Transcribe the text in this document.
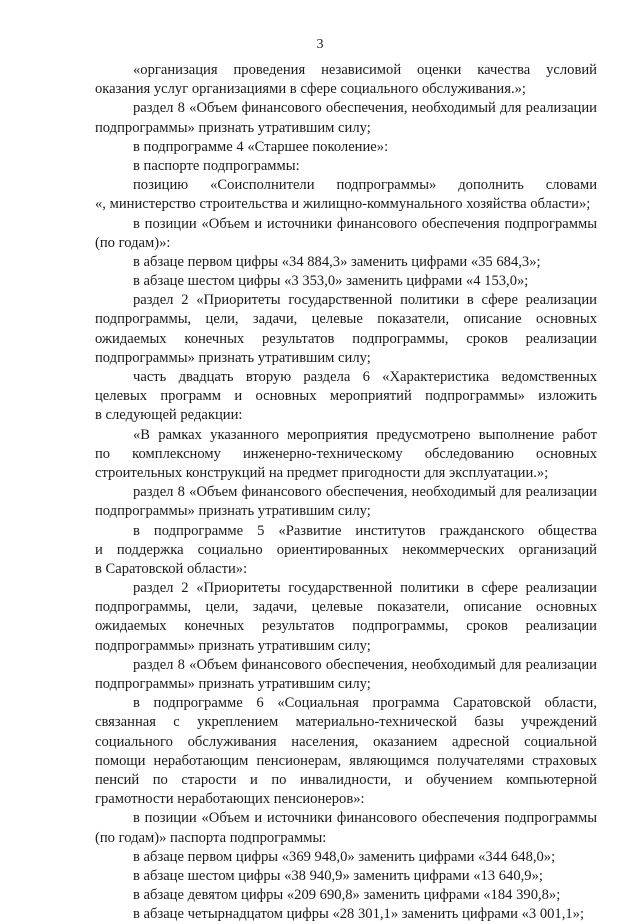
3
«организация проведения независимой оценки качества условий
оказания услуг организациями в сфере социального обслуживания.»;
раздел 8 «Объем финансового обеспечения, необходимый для реализации
подпрограммы» признать утратившим силу;
в подпрограмме 4 «Старшее поколение»:
в паспорте подпрограммы:
позицию «Соисполнители подпрограммы» дополнить словами
«, министерство строительства и жилищно-коммунального хозяйства области»;
в позиции «Объем и источники финансового обеспечения подпрограммы
(по годам)»:
в абзаце первом цифры «34 884,3» заменить цифрами «35 684,3»;
в абзаце шестом цифры «3 353,0» заменить цифрами «4 153,0»;
раздел 2 «Приоритеты государственной политики в сфере реализации
подпрограммы, цели, задачи, целевые показатели, описание основных
ожидаемых конечных результатов подпрограммы, сроков реализации
подпрограммы» признать утратившим силу;
часть двадцать вторую раздела 6 «Характеристика ведомственных
целевых программ и основных мероприятий подпрограммы» изложить
в следующей редакции:
«В рамках указанного мероприятия предусмотрено выполнение работ
по комплексному инженерно-техническому обследованию основных
строительных конструкций на предмет пригодности для эксплуатации.»;
раздел 8 «Объем финансового обеспечения, необходимый для реализации
подпрограммы» признать утратившим силу;
в подпрограмме 5 «Развитие институтов гражданского общества
и поддержка социально ориентированных некоммерческих организаций
в Саратовской области»:
раздел 2 «Приоритеты государственной политики в сфере реализации
подпрограммы, цели, задачи, целевые показатели, описание основных
ожидаемых конечных результатов подпрограммы, сроков реализации
подпрограммы» признать утратившим силу;
раздел 8 «Объем финансового обеспечения, необходимый для реализации
подпрограммы» признать утратившим силу;
в подпрограмме 6 «Социальная программа Саратовской области,
связанная с укреплением материально-технической базы учреждений
социального обслуживания населения, оказанием адресной социальной
помощи неработающим пенсионерам, являющимся получателями страховых
пенсий по старости и по инвалидности, и обучением компьютерной
грамотности неработающих пенсионеров»:
в позиции «Объем и источники финансового обеспечения подпрограммы
(по годам)» паспорта подпрограммы:
в абзаце первом цифры «369 948,0» заменить цифрами «344 648,0»;
в абзаце шестом цифры «38 940,9» заменить цифрами «13 640,9»;
в абзаце девятом цифры «209 690,8» заменить цифрами «184 390,8»;
в абзаце четырнадцатом цифры «28 301,1» заменить цифрами «3 001,1»;
